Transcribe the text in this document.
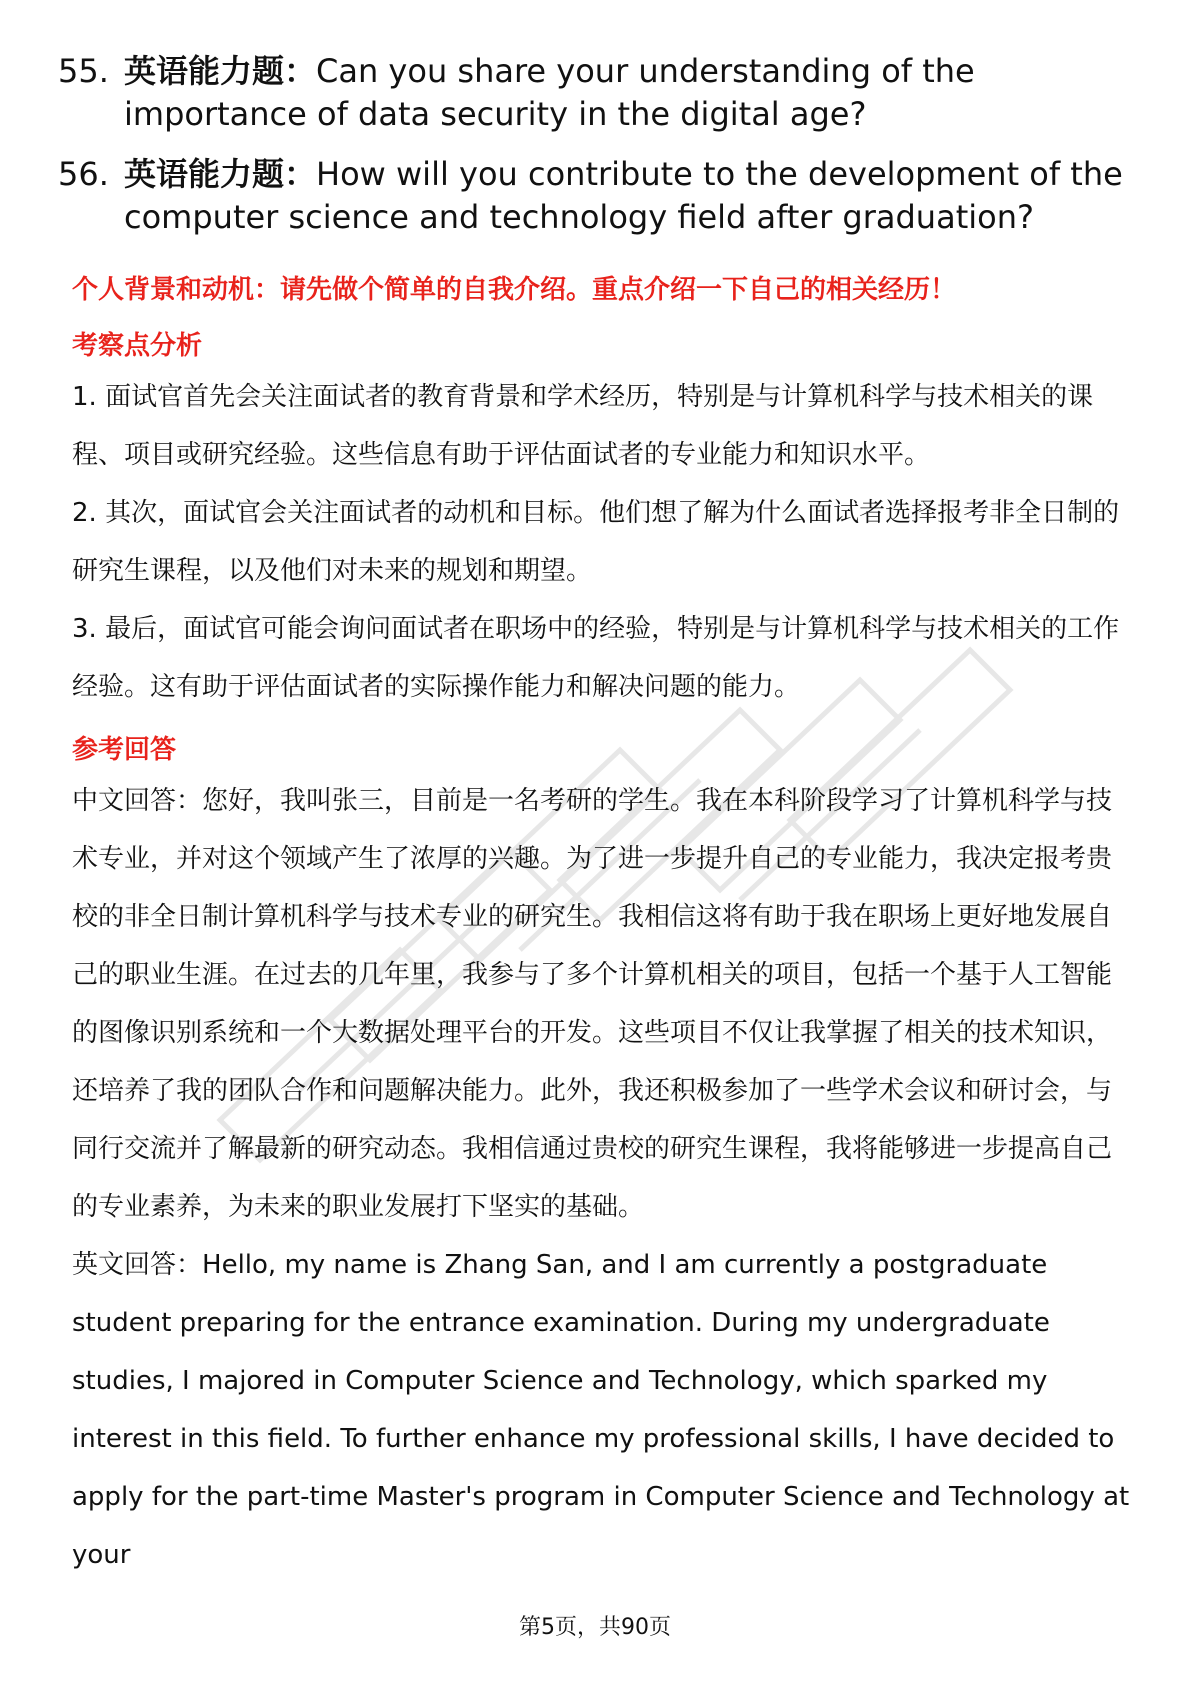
55. 英语能力题：Can you share your understanding of the importance of data security in the digital age?
56. 英语能力题：How will you contribute to the development of the computer science and technology field after graduation?
个人背景和动机：请先做个简单的自我介绍。重点介绍一下自己的相关经历！
考察点分析

1. 面试官首先会关注面试者的教育背景和学术经历，特别是与计算机科学与技术相关的课程、项目或研究经验。这些信息有助于评估面试者的专业能力和知识水平。

2. 其次，面试官会关注面试者的动机和目标。他们想了解为什么面试者选择报考非全日制的研究生课程，以及他们对未来的规划和期望。

3. 最后，面试官可能会询问面试者在职场中的经验，特别是与计算机科学与技术相关的工作经验。这有助于评估面试者的实际操作能力和解决问题的能力。

参考回答

中文回答：您好，我叫张三，目前是一名考研的学生。我在本科阶段学习了计算机科学与技术专业，并对这个领域产生了浓厚的兴趣。为了进一步提升自己的专业能力，我决定报考贵校的非全日制计算机科学与技术专业的研究生。我相信这将有助于我在职场上更好地发展自己的职业生涯。在过去的几年里，我参与了多个计算机相关的项目，包括一个基于人工智能的图像识别系统和一个大数据处理平台的开发。这些项目不仅让我掌握了相关的技术知识，还培养了我的团队合作和问题解决能力。此外，我还积极参加了一些学术会议和研讨会，与同行交流并了解最新的研究动态。我相信通过贵校的研究生课程，我将能够进一步提高自己的专业素养，为未来的职业发展打下坚实的基础。

英文回答：Hello, my name is Zhang San, and I am currently a postgraduate student preparing for the entrance examination. During my undergraduate studies, I majored in Computer Science and Technology, which sparked my interest in this field. To further enhance my professional skills, I have decided to apply for the part-time Master's program in Computer Science and Technology at your

第5页，共90页
